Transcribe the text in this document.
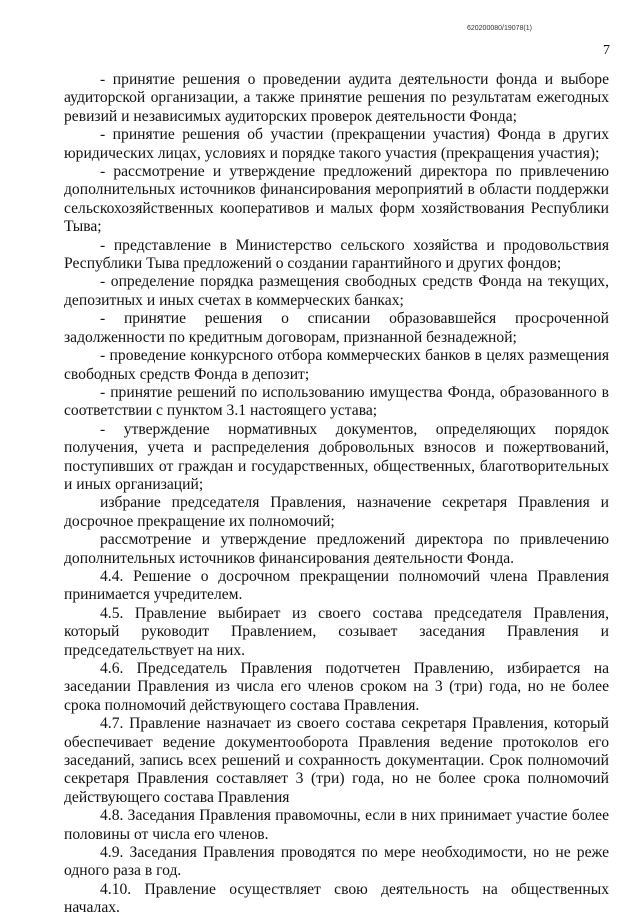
620200080/19078(1)
7

- принятие решения о проведении аудита деятельности фонда и выборе аудиторской организации, а также принятие решения по результатам ежегодных ревизий и независимых аудиторских проверок деятельности Фонда;

- принятие решения об участии (прекращении участия) Фонда в других юридических лицах, условиях и порядке такого участия (прекращения участия);

- рассмотрение и утверждение предложений директора по привлечению дополнительных источников финансирования мероприятий в области поддержки сельскохозяйственных кооперативов и малых форм хозяйствования Республики Тыва;

- представление в Министерство сельского хозяйства и продовольствия Республики Тыва предложений о создании гарантийного и других фондов;

- определение порядка размещения свободных средств Фонда на текущих, депозитных и иных счетах в коммерческих банках;

- принятие решения о списании образовавшейся просроченной задолженности по кредитным договорам, признанной безнадежной;

- проведение конкурсного отбора коммерческих банков в целях размещения свободных средств Фонда в депозит;

- принятие решений по использованию имущества Фонда, образованного в соответствии с пунктом 3.1 настоящего устава;

- утверждение нормативных документов, определяющих порядок получения, учета и распределения добровольных взносов и пожертвований, поступивших от граждан и государственных, общественных, благотворительных и иных организаций;

избрание председателя Правления, назначение секретаря Правления и досрочное прекращение их полномочий;

рассмотрение и утверждение предложений директора по привлечению дополнительных источников финансирования деятельности Фонда.

4.4. Решение о досрочном прекращении полномочий члена Правления принимается учредителем.

4.5. Правление выбирает из своего состава председателя Правления, который руководит Правлением, созывает заседания Правления и председательствует на них.

4.6. Председатель Правления подотчетен Правлению, избирается на заседании Правления из числа его членов сроком на 3 (три) года, но не более срока полномочий действующего состава Правления.

4.7. Правление назначает из своего состава секретаря Правления, который обеспечивает ведение документооборота Правления ведение протоколов его заседаний, запись всех решений и сохранность документации. Срок полномочий секретаря Правления составляет 3 (три) года, но не более срока полномочий действующего состава Правления

4.8. Заседания Правления правомочны, если в них принимает участие более половины от числа его членов.

4.9. Заседания Правления проводятся по мере необходимости, но не реже одного раза в год.

4.10. Правление осуществляет свою деятельность на общественных началах.
